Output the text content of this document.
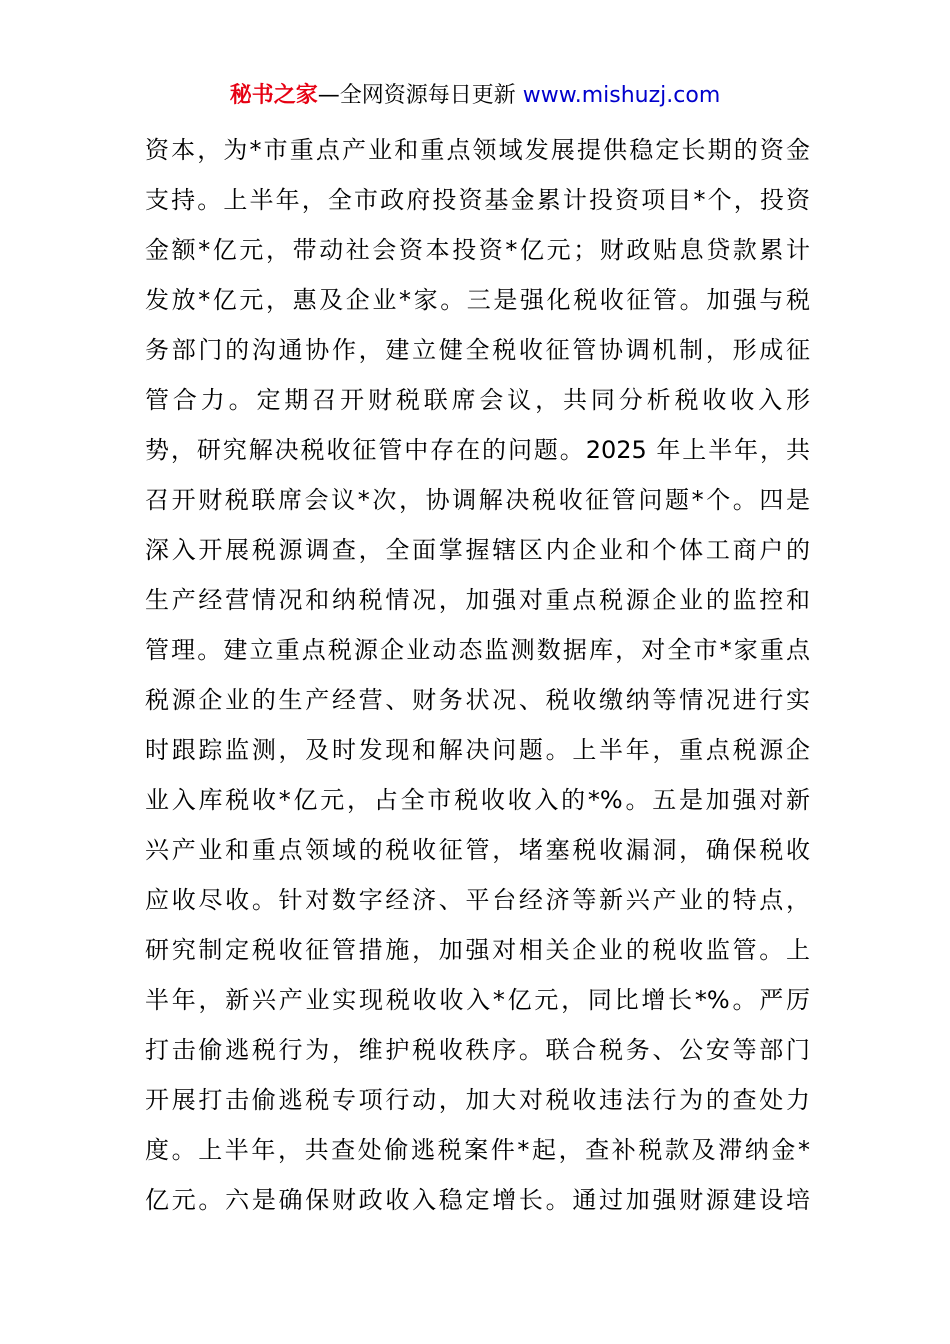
秘书之家—全网资源每日更新 www.mishuzj.com
资本，为*市重点产业和重点领域发展提供稳定长期的资金
支持。上半年，全市政府投资基金累计投资项目*个，投资
金额*亿元，带动社会资本投资*亿元；财政贴息贷款累计
发放*亿元，惠及企业*家。三是强化税收征管。加强与税
务部门的沟通协作，建立健全税收征管协调机制，形成征
管合力。定期召开财税联席会议，共同分析税收收入形
势，研究解决税收征管中存在的问题。2025 年上半年，共
召开财税联席会议*次，协调解决税收征管问题*个。四是
深入开展税源调查，全面掌握辖区内企业和个体工商户的
生产经营情况和纳税情况，加强对重点税源企业的监控和
管理。建立重点税源企业动态监测数据库，对全市*家重点
税源企业的生产经营、财务状况、税收缴纳等情况进行实
时跟踪监测，及时发现和解决问题。上半年，重点税源企
业入库税收*亿元，占全市税收收入的*%。五是加强对新
兴产业和重点领域的税收征管，堵塞税收漏洞，确保税收
应收尽收。针对数字经济、平台经济等新兴产业的特点，
研究制定税收征管措施，加强对相关企业的税收监管。上
半年，新兴产业实现税收收入*亿元，同比增长*%。严厉
打击偷逃税行为，维护税收秩序。联合税务、公安等部门
开展打击偷逃税专项行动，加大对税收违法行为的查处力
度。上半年，共查处偷逃税案件*起，查补税款及滞纳金*
亿元。六是确保财政收入稳定增长。通过加强财源建设培
